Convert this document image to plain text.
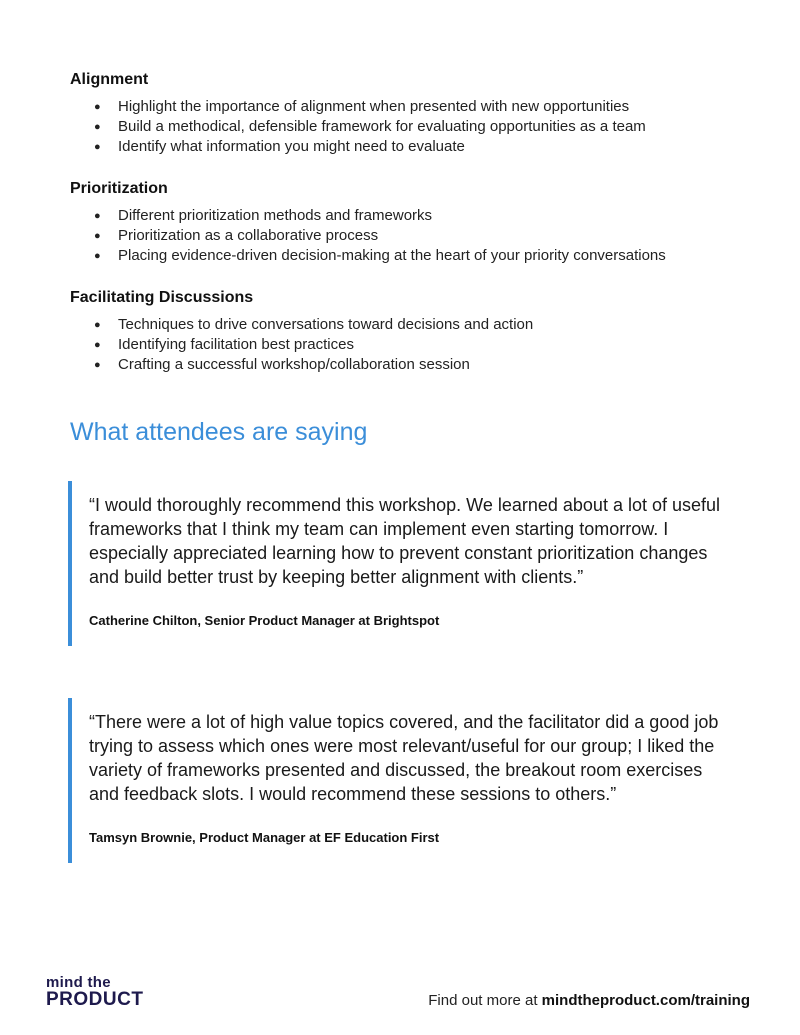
Alignment
● Highlight the importance of alignment when presented with new opportunities
● Build a methodical, defensible framework for evaluating opportunities as a team
● Identify what information you might need to evaluate
Prioritization
● Different prioritization methods and frameworks
● Prioritization as a collaborative process
● Placing evidence-driven decision-making at the heart of your priority conversations
Facilitating Discussions
● Techniques to drive conversations toward decisions and action
● Identifying facilitation best practices
● Crafting a successful workshop/collaboration session
What attendees are saying

“I would thoroughly recommend this workshop. We learned about a lot of useful frameworks that I think my team can implement even starting tomorrow. I especially appreciated learning how to prevent constant prioritization changes and build better trust by keeping better alignment with clients.”

Catherine Chilton, Senior Product Manager at Brightspot

“There were a lot of high value topics covered, and the facilitator did a good job trying to assess which ones were most relevant/useful for our group; I liked the variety of frameworks presented and discussed, the breakout room exercises and feedback slots. I would recommend these sessions to others.”

Tamsyn Brownie, Product Manager at EF Education First

mind the
PRODUCT	Find out more at mindtheproduct.com/training
